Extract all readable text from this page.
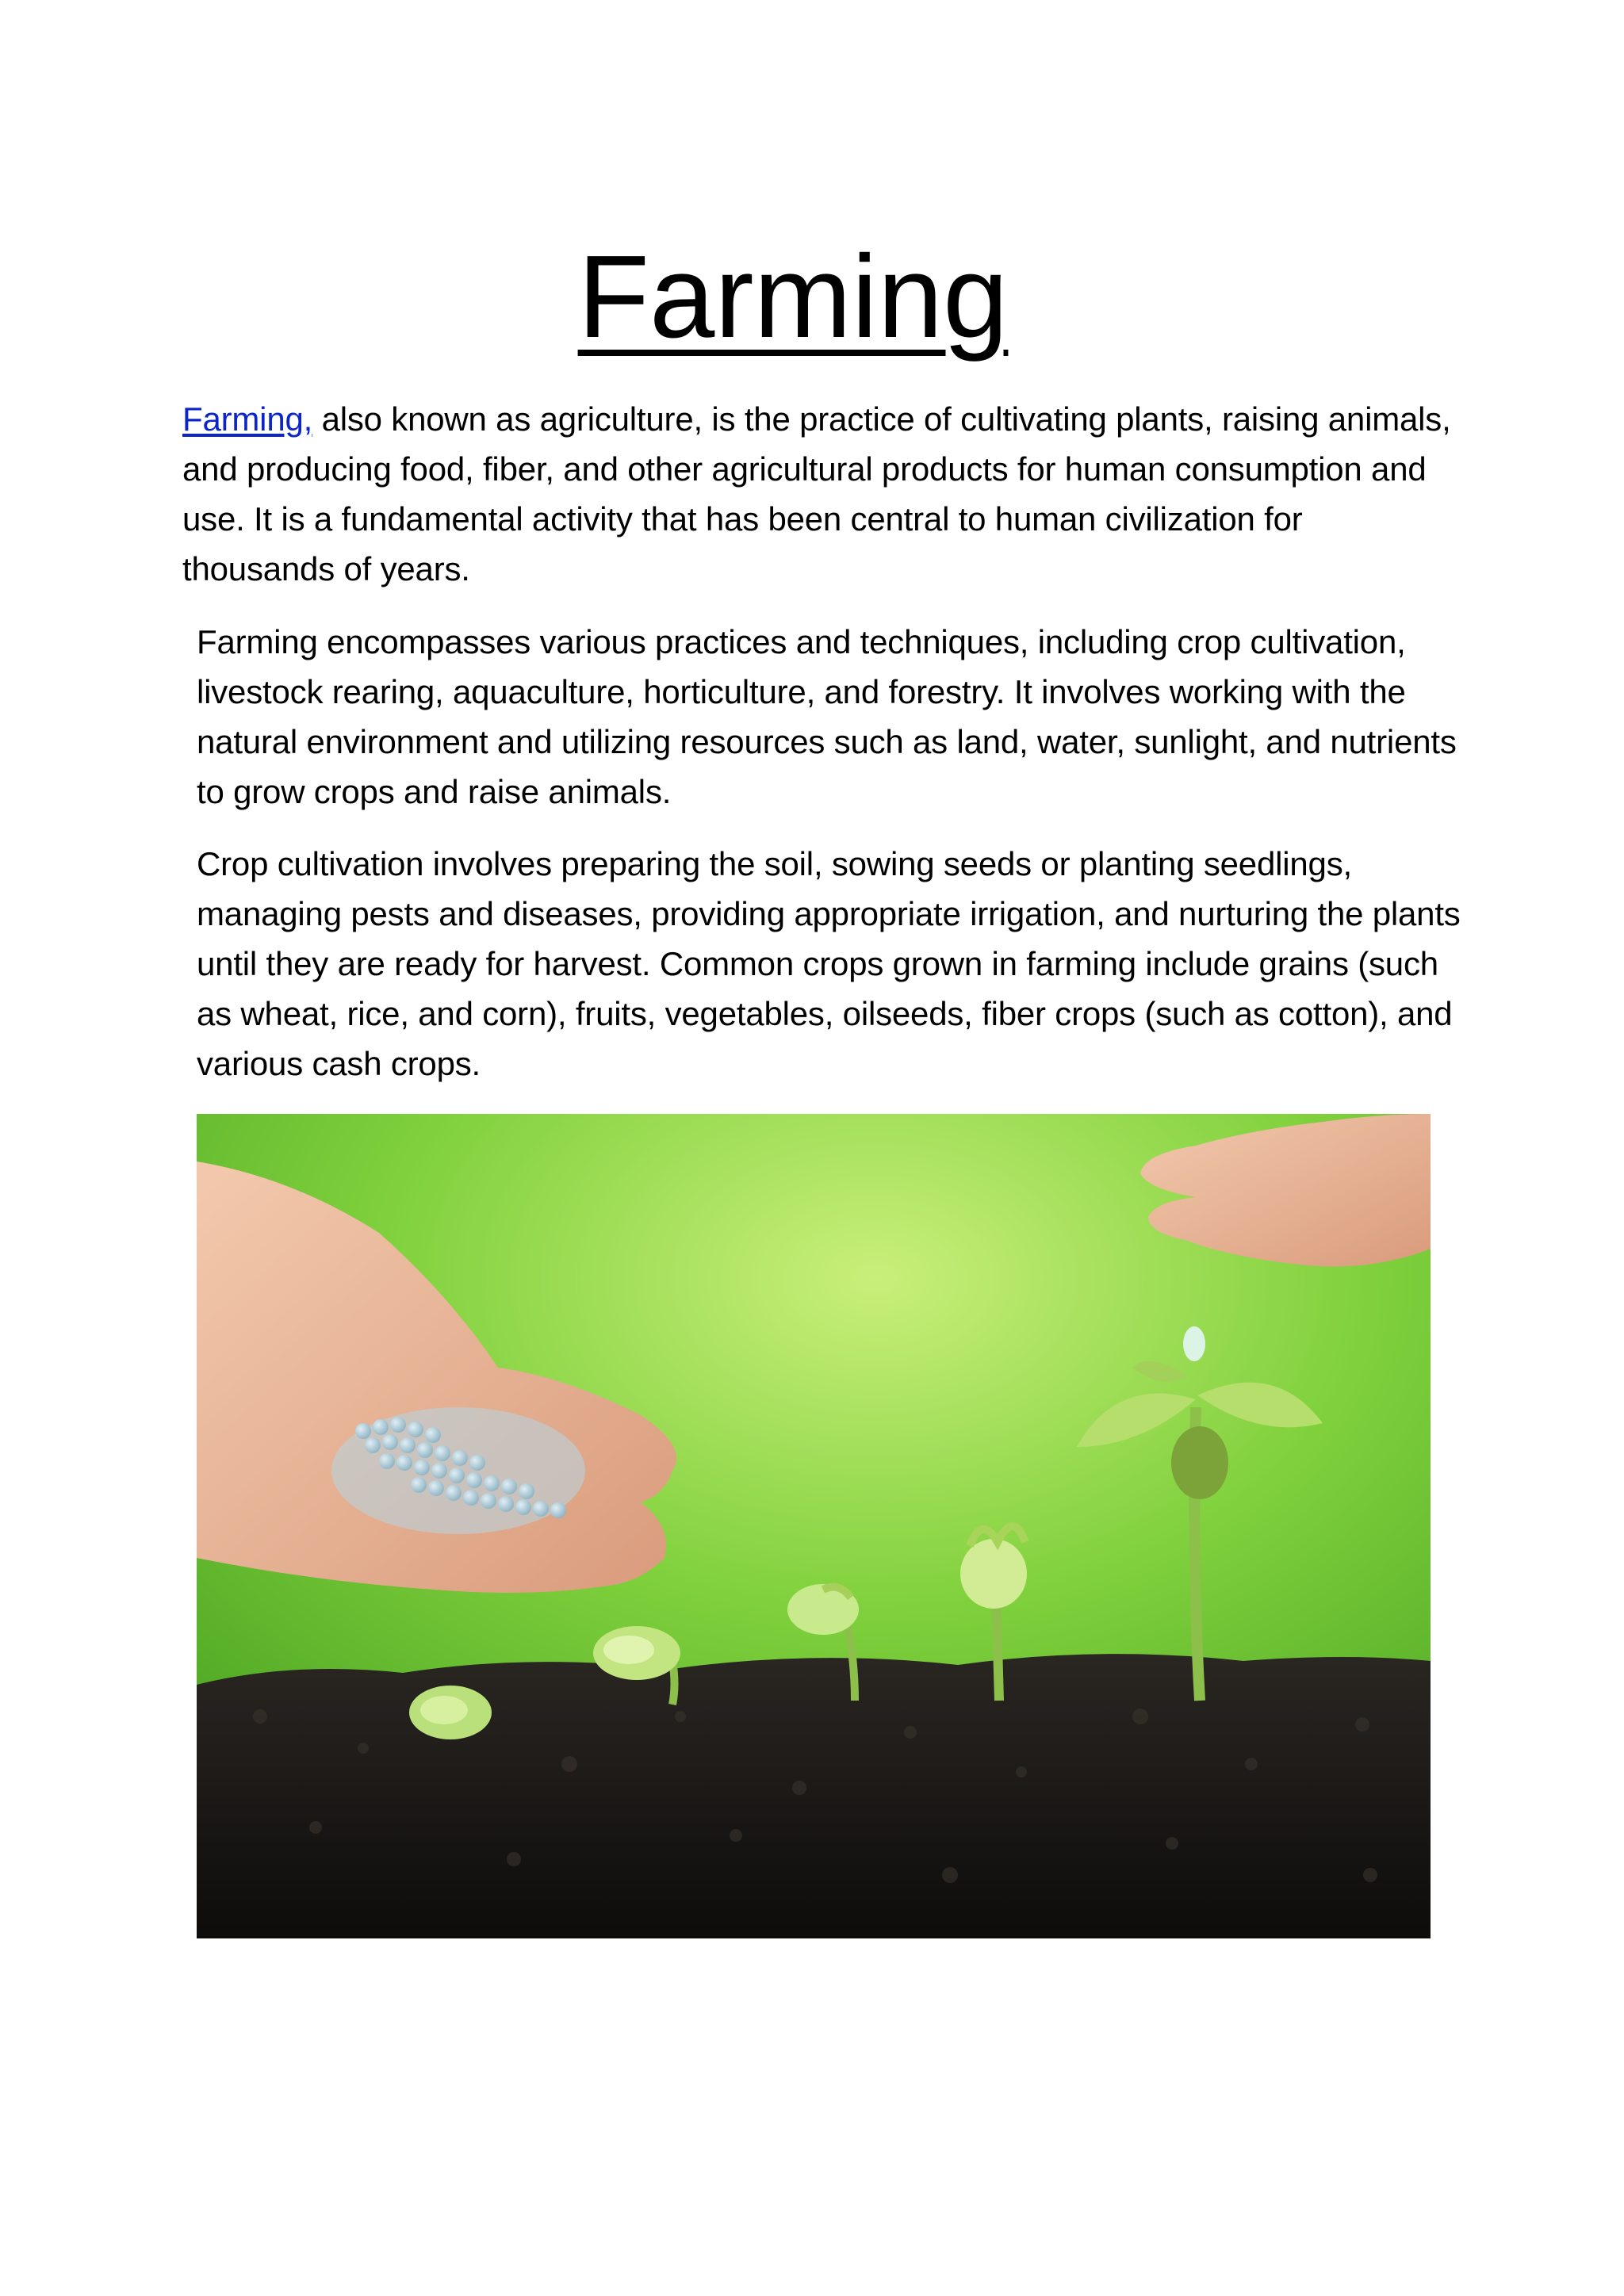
Farming

Farming, also known as agriculture, is the practice of cultivating plants, raising animals, and producing food, fiber, and other agricultural products for human consumption and use. It is a fundamental activity that has been central to human civilization for thousands of years.

Farming encompasses various practices and techniques, including crop cultivation, livestock rearing, aquaculture, horticulture, and forestry. It involves working with the natural environment and utilizing resources such as land, water, sunlight, and nutrients to grow crops and raise animals.

Crop cultivation involves preparing the soil, sowing seeds or planting seedlings, managing pests and diseases, providing appropriate irrigation, and nurturing the plants until they are ready for harvest. Common crops grown in farming include grains (such as wheat, rice, and corn), fruits, vegetables, oilseeds, fiber crops (such as cotton), and various cash crops.
